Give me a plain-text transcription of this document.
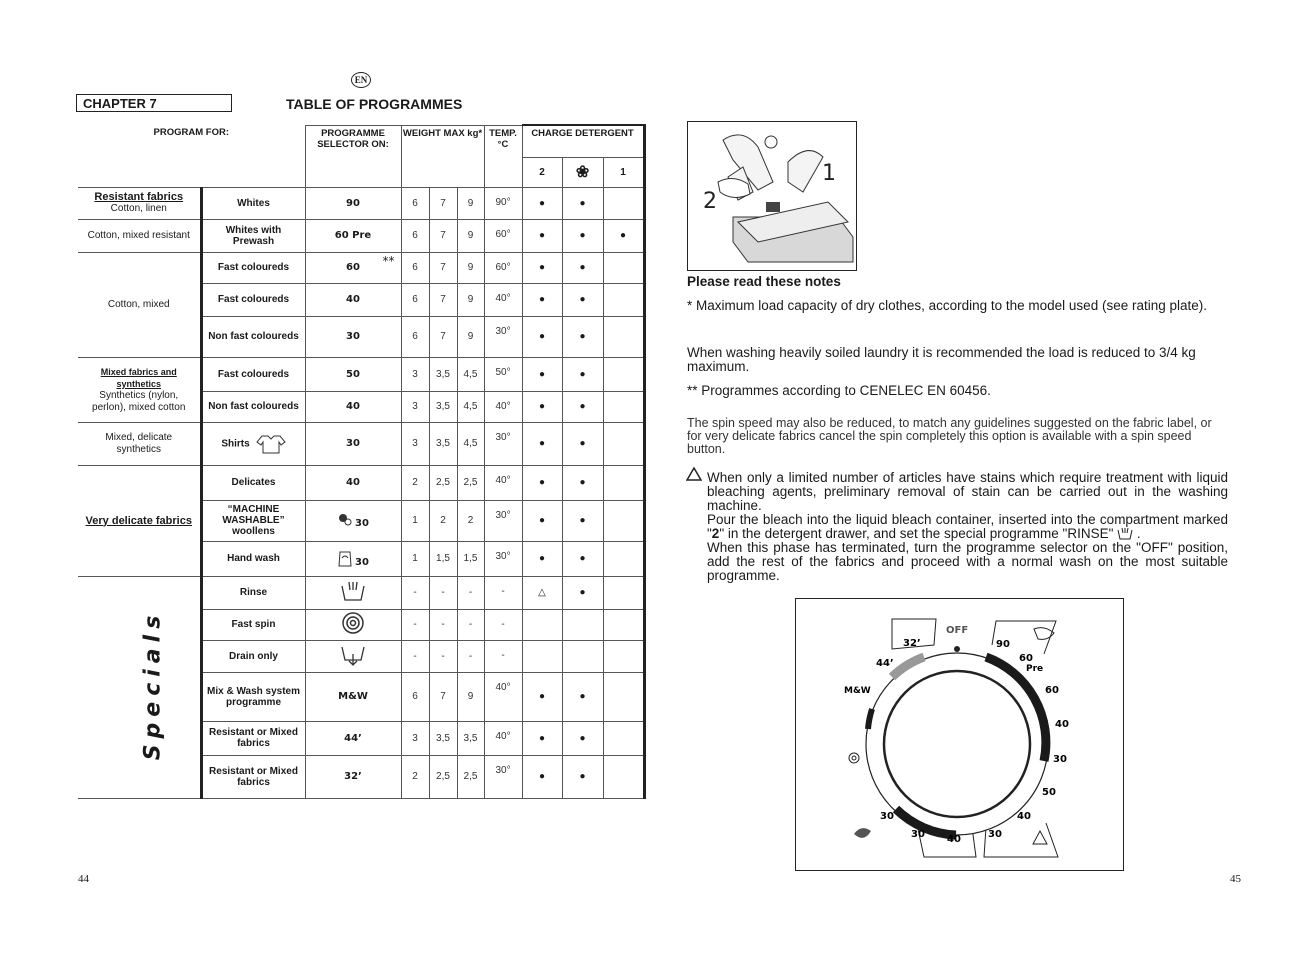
EN
CHAPTER 7	TABLE OF PROGRAMMES
PROGRAM FOR:		PROGRAMME SELECTOR ON:	WEIGHT MAX kg*			TEMP. °C	CHARGE DETERGENT		
							2	❀	1

Resistant fabrics
Cotton, linen	Whites	90	6	7	9	90°	●	●	

Cotton, mixed resistant	Whites with Prewash	60 Pre	6	7	9	60°	●	●	●

Cotton, mixed	Fast coloureds	60 **	6	7	9	60°	●	●	
	Fast coloureds	40	6	7	9	40°	●	●	
	Non fast coloureds	30	6	7	9	30°	●	●	

Mixed fabrics and synthetics
Synthetics (nylon, perlon), mixed cotton	Fast coloureds	50	3	3,5	4,5	50°	●	●	
	Non fast coloureds	40	3	3,5	4,5	40°	●	●	

Mixed, delicate synthetics	Shirts	30	3	3,5	4,5	30°	●	●	

Very delicate fabrics	Delicates	40	2	2,5	2,5	40°	●	●	
	“MACHINE WASHABLE” woollens	30	1	2	2	30°	●	●	
	Hand wash	30	1	1,5	1,5	30°	●	●	
Specials	Rinse		-	-	-	-	△	●	
	Fast spin		-	-	-	-			
	Drain only		-	-	-	-			
	Mix & Wash system programme	M&W	6	7	9	40°	●	●	
	Resistant or Mixed fabrics	44’	3	3,5	3,5	40°	●	●	
	Resistant or Mixed fabrics	32’	2	2,5	2,5	30°	●	●	
44	45
1
2
Please read these notes
* Maximum load capacity of dry clothes, according to the model used (see rating plate).
When washing heavily soiled laundry it is recommended the load is reduced to 3/4 kg maximum.
** Programmes according to CENELEC EN 60456.
The spin speed may also be reduced, to match any guidelines suggested on the fabric label, or for very delicate fabrics cancel the spin completely this option is available with a spin speed button.
When only a limited number of articles have stains which require treatment with liquid bleaching agents, preliminary removal of stain can be carried out in the washing machine.
Pour the bleach into the liquid bleach container, inserted into the compartment marked "2" in the detergent drawer, and set the special programme "RINSE" .
When this phase has terminated, turn the programme selector on the "OFF" position, add the rest of the fabrics and proceed with a normal wash on the most suitable programme.
OFF
90
60
Pre
60
40
30
50
40
30
40
30
30
M&W
44’
32’
